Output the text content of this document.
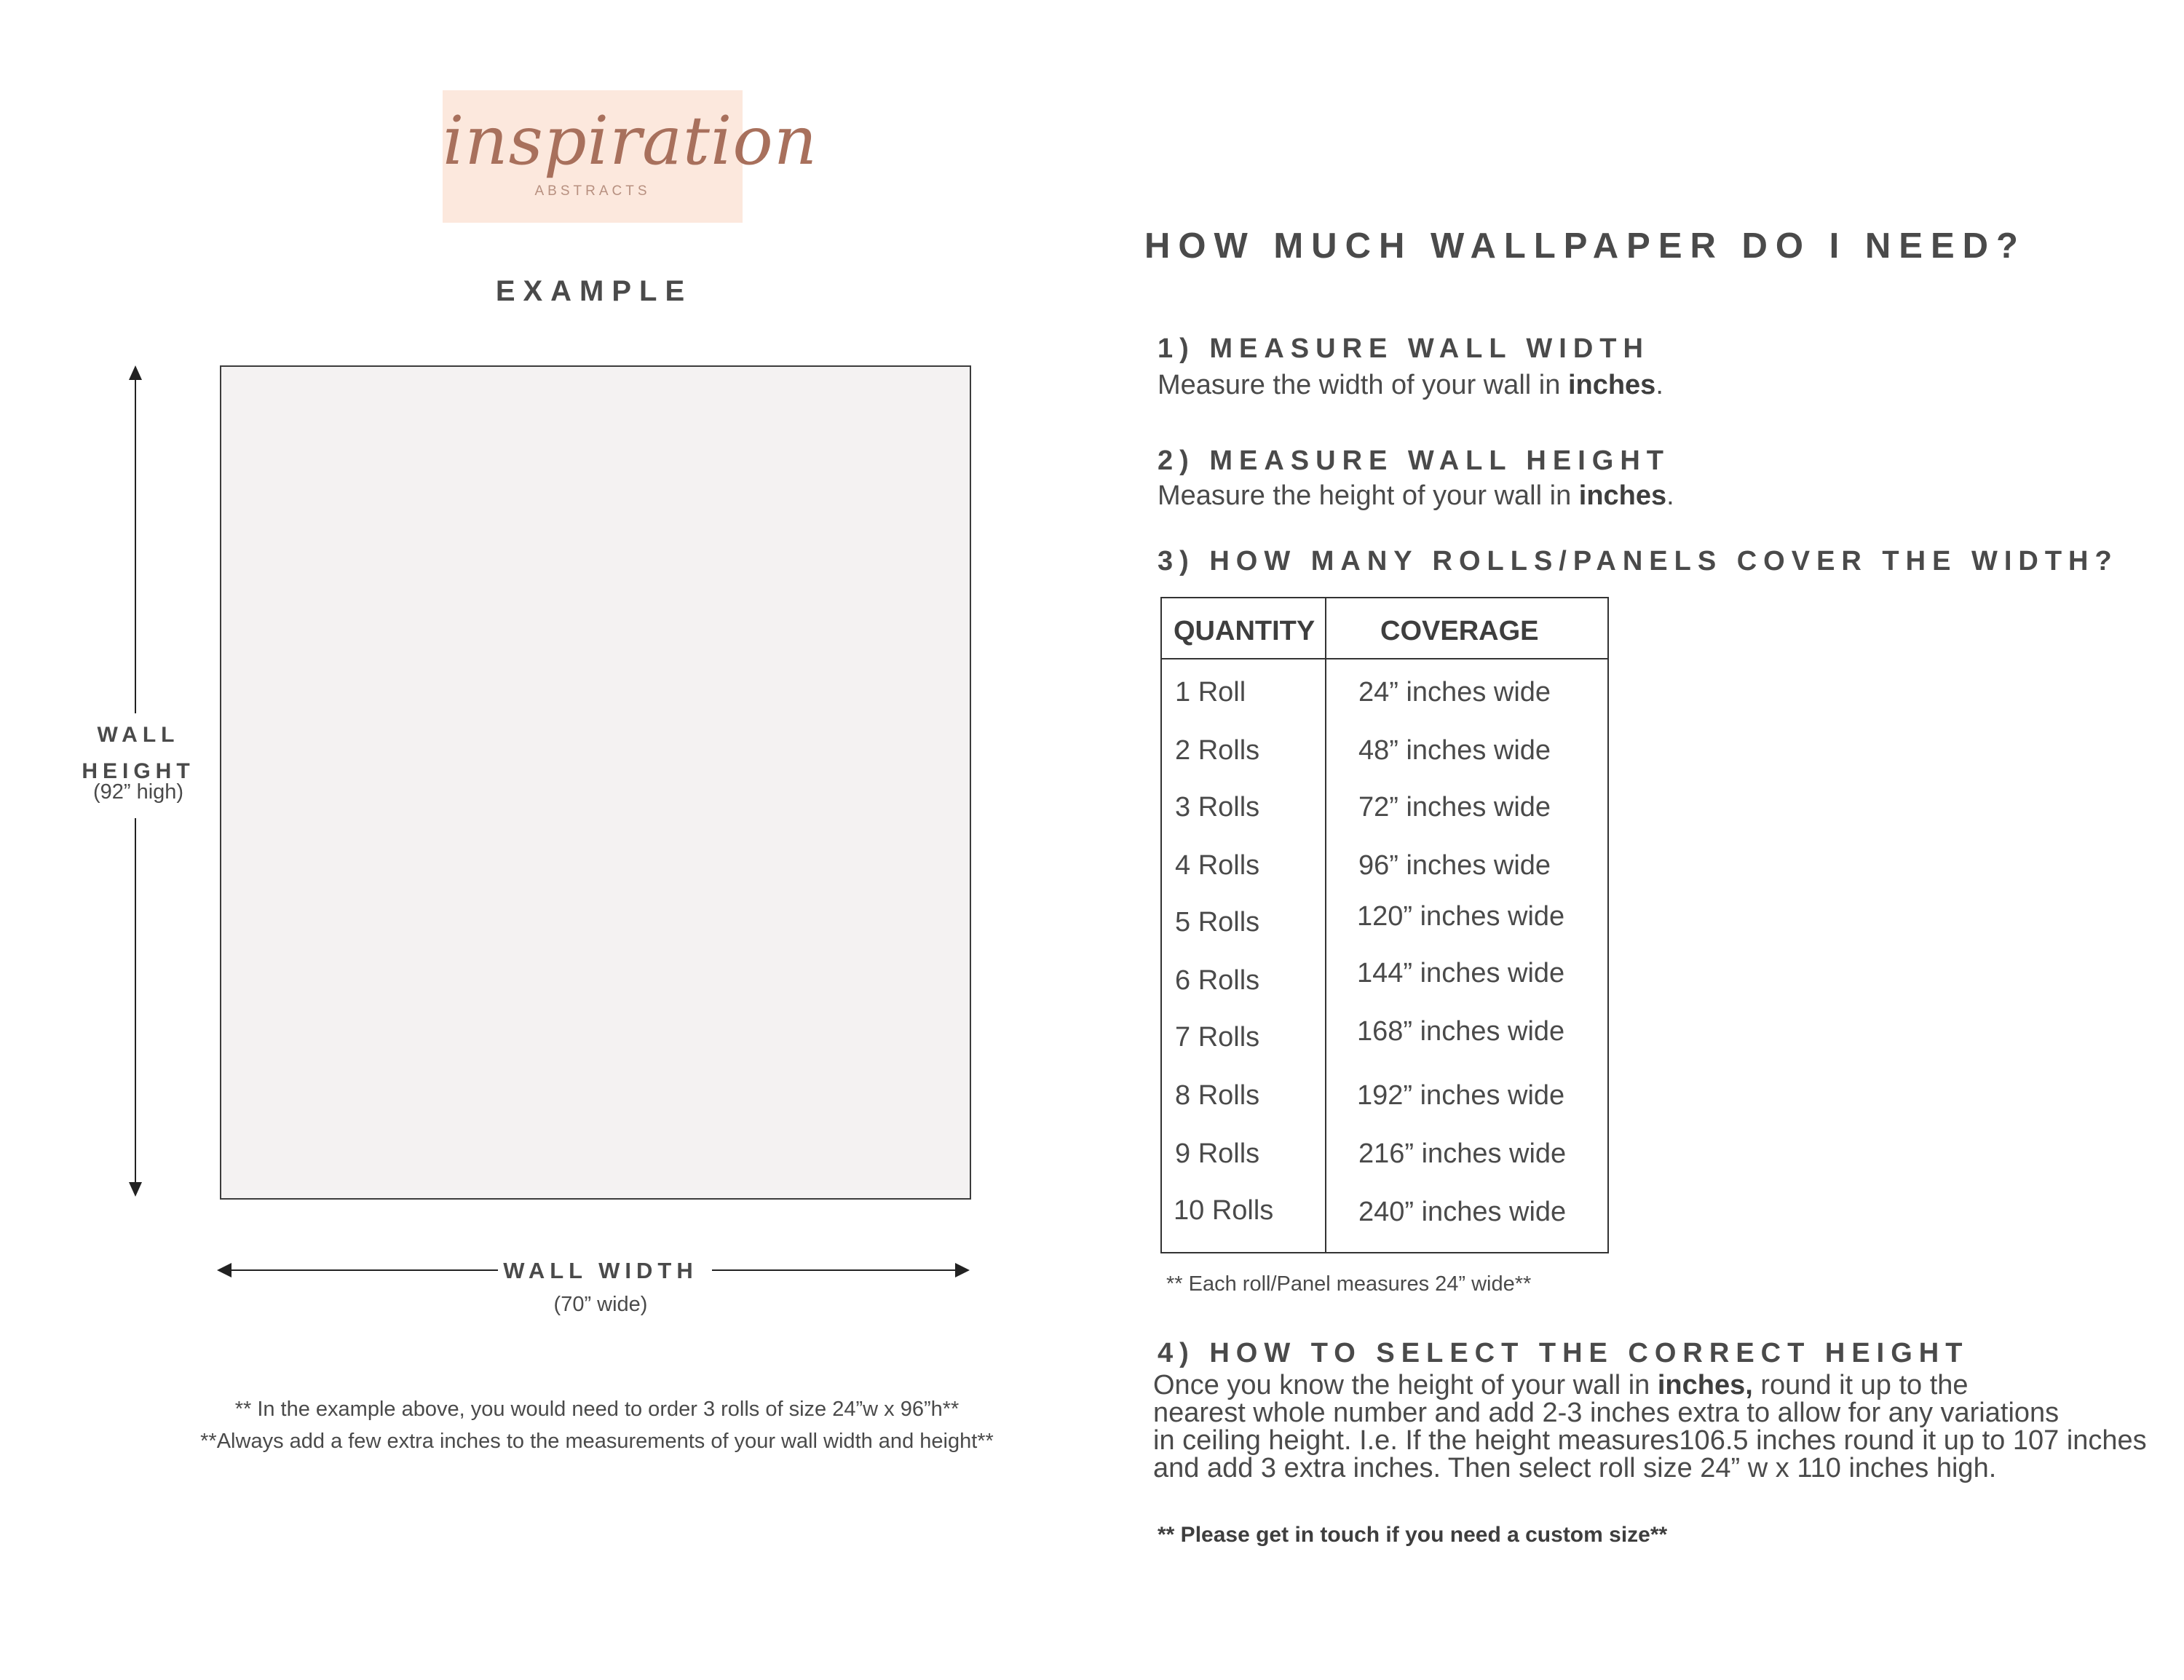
inspiration
ABSTRACTS
EXAMPLE
WALL
HEIGHT
(92” high)
WALL WIDTH
(70” wide)
** In the example above, you would need to order 3 rolls of size 24”w x 96”h**
**Always add a few extra inches to the measurements of your wall width and height**
HOW MUCH WALLPAPER DO I NEED?
1) MEASURE WALL WIDTH
Measure the width of your wall in inches.
2) MEASURE WALL HEIGHT
Measure the height of your wall in inches.
3) HOW MANY ROLLS/PANELS COVER THE WIDTH?
QUANTITY COVERAGE
1 Roll	24” inches wide
2 Rolls	48” inches wide
3 Rolls	72” inches wide
4 Rolls	96” inches wide
5 Rolls	120” inches wide
6 Rolls	144” inches wide
7 Rolls	168” inches wide
8 Rolls	192” inches wide
9 Rolls	216” inches wide
10 Rolls	240” inches wide
** Each roll/Panel measures 24” wide**
4) HOW TO SELECT THE CORRECT HEIGHT
Once you know the height of your wall in inches, round it up to the
nearest whole number and add 2-3 inches extra to allow for any variations
in ceiling height. I.e. If the height measures106.5 inches round it up to 107 inches
and add 3 extra inches. Then select roll size 24” w x 110 inches high.
** Please get in touch if you need a custom size**
